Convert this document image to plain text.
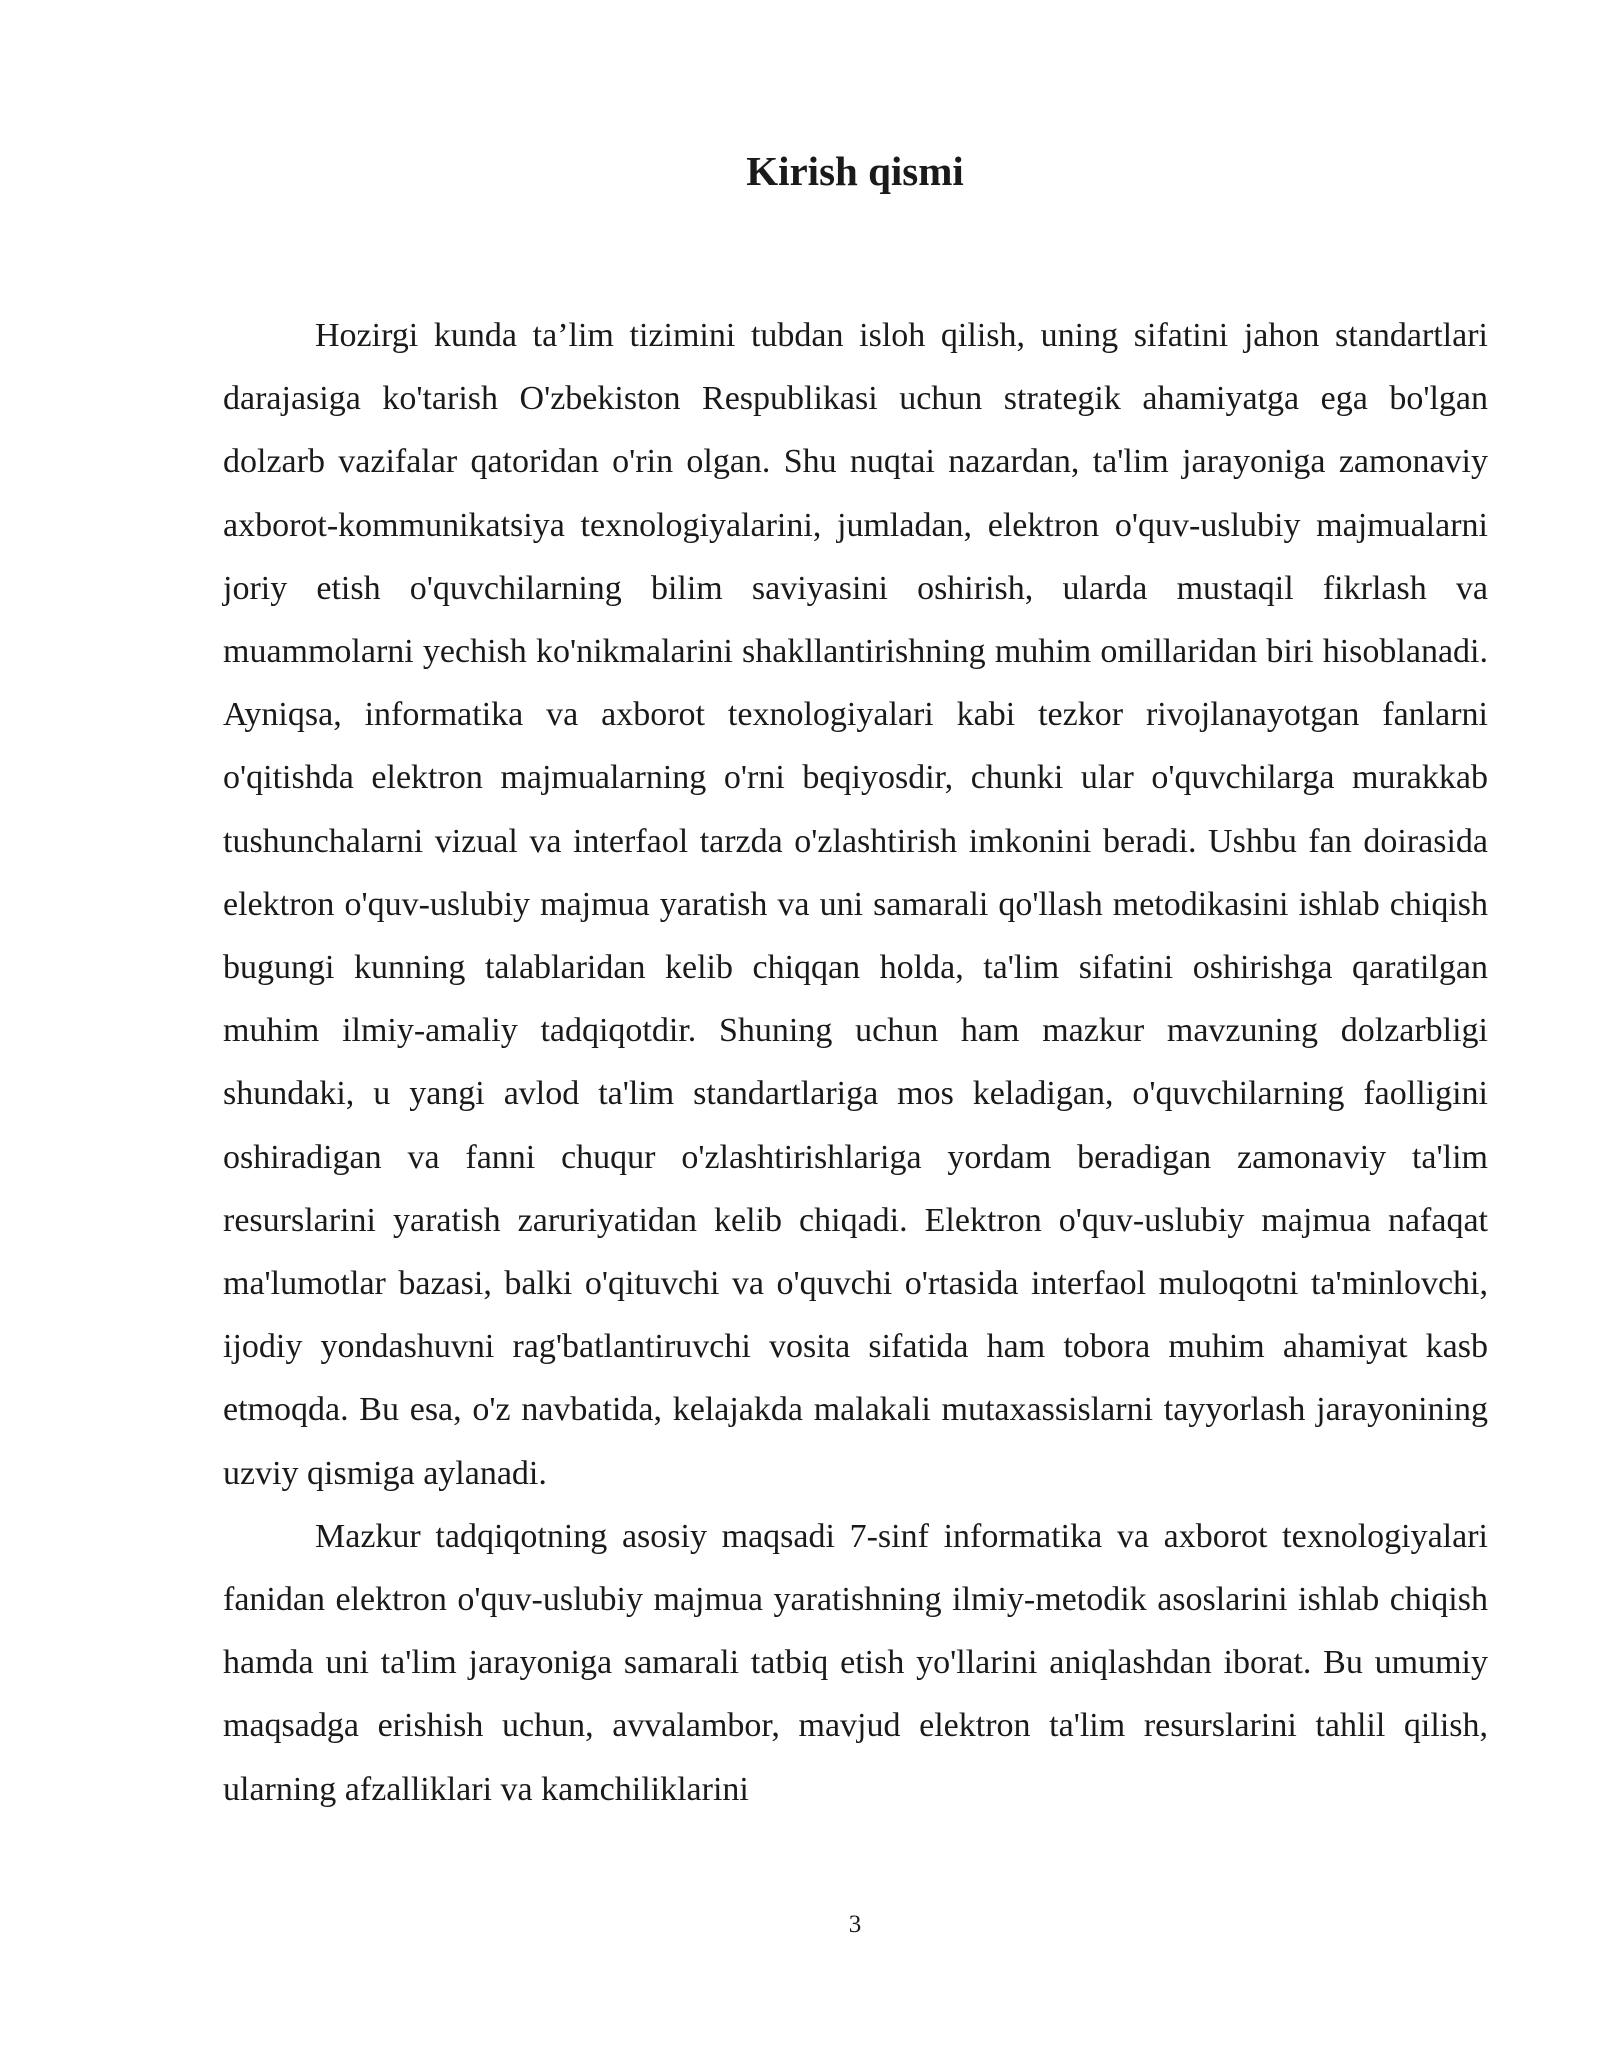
Kirish qismi

Hozirgi kunda ta’lim tizimini tubdan isloh qilish, uning sifatini jahon standartlari darajasiga ko'tarish O'zbekiston Respublikasi uchun strategik ahamiyatga ega bo'lgan dolzarb vazifalar qatoridan o'rin olgan. Shu nuqtai nazardan, ta'lim jarayoniga zamonaviy axborot-kommunikatsiya texnologiyalarini, jumladan, elektron o'quv-uslubiy majmualarni joriy etish o'quvchilarning bilim saviyasini oshirish, ularda mustaqil fikrlash va muammolarni yechish ko'nikmalarini shakllantirishning muhim omillaridan biri hisoblanadi. Ayniqsa, informatika va axborot texnologiyalari kabi tezkor rivojlanayotgan fanlarni o'qitishda elektron majmualarning o'rni beqiyosdir, chunki ular o'quvchilarga murakkab tushunchalarni vizual va interfaol tarzda o'zlashtirish imkonini beradi. Ushbu fan doirasida elektron o'quv-uslubiy majmua yaratish va uni samarali qo'llash metodikasini ishlab chiqish bugungi kunning talablaridan kelib chiqqan holda, ta'lim sifatini oshirishga qaratilgan muhim ilmiy-amaliy tadqiqotdir. Shuning uchun ham mazkur mavzuning dolzarbligi shundaki, u yangi avlod ta'lim standartlariga mos keladigan, o'quvchilarning faolligini oshiradigan va fanni chuqur o'zlashtirishlariga yordam beradigan zamonaviy ta'lim resurslarini yaratish zaruriyatidan kelib chiqadi. Elektron o'quv-uslubiy majmua nafaqat ma'lumotlar bazasi, balki o'qituvchi va o'quvchi o'rtasida interfaol muloqotni ta'minlovchi, ijodiy yondashuvni rag'batlantiruvchi vosita sifatida ham tobora muhim ahamiyat kasb etmoqda. Bu esa, o'z navbatida, kelajakda malakali mutaxassislarni tayyorlash jarayonining uzviy qismiga aylanadi.

Mazkur tadqiqotning asosiy maqsadi 7-sinf informatika va axborot texnologiyalari fanidan elektron o'quv-uslubiy majmua yaratishning ilmiy-metodik asoslarini ishlab chiqish hamda uni ta'lim jarayoniga samarali tatbiq etish yo'llarini aniqlashdan iborat. Bu umumiy maqsadga erishish uchun, avvalambor, mavjud elektron ta'lim resurslarini tahlil qilish, ularning afzalliklari va kamchiliklarini

3
